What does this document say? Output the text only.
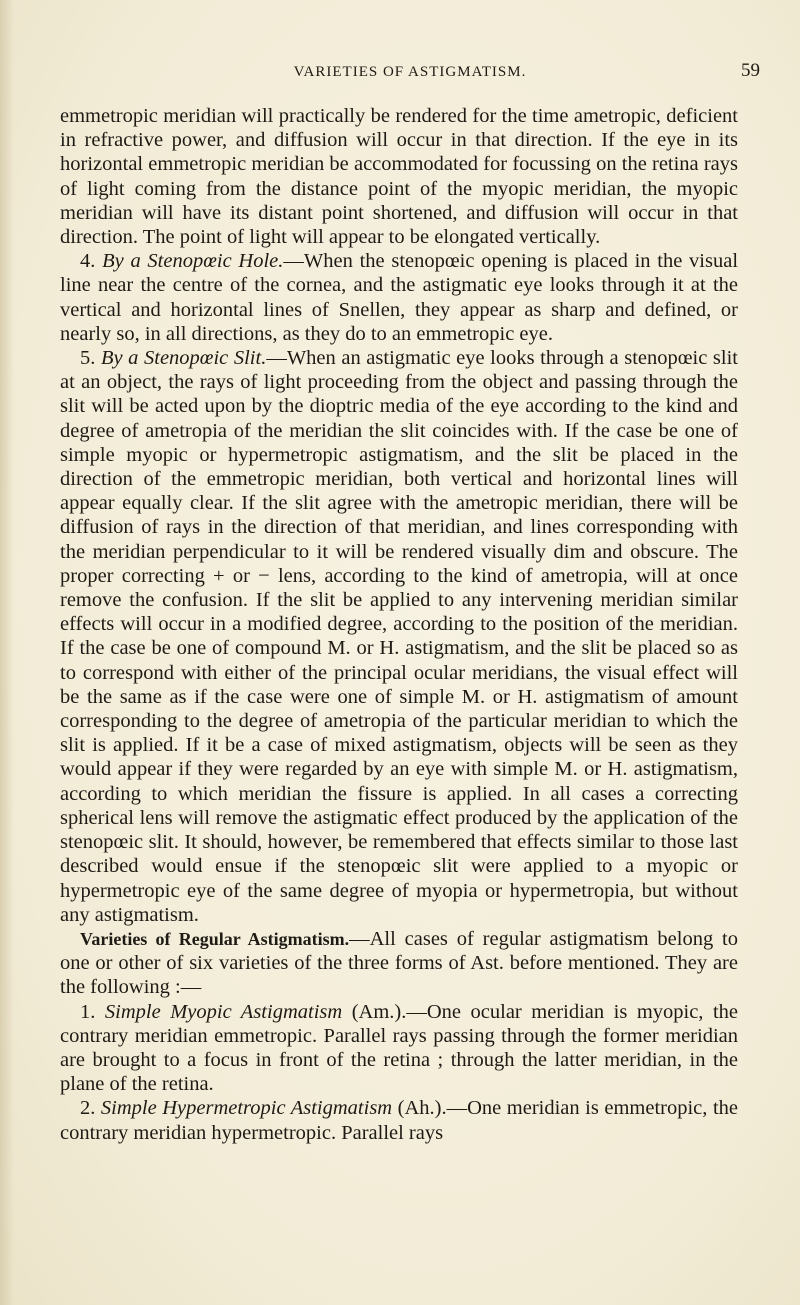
VARIETIES OF ASTIGMATISM.	59

emmetropic meridian will practically be rendered for the time ametropic, deficient in refractive power, and diffusion will occur in that direction. If the eye in its horizontal emmetropic meridian be accommodated for focussing on the retina rays of light coming from the distance point of the myopic meridian, the myopic meridian will have its distant point shortened, and diffusion will occur in that direction. The point of light will appear to be elongated vertically.

4. By a Stenopœic Hole.—When the stenopœic opening is placed in the visual line near the centre of the cornea, and the astigmatic eye looks through it at the vertical and horizontal lines of Snellen, they appear as sharp and defined, or nearly so, in all directions, as they do to an emmetropic eye.

5. By a Stenopœic Slit.—When an astigmatic eye looks through a stenopœic slit at an object, the rays of light proceeding from the object and passing through the slit will be acted upon by the dioptric media of the eye according to the kind and degree of ametropia of the meridian the slit coincides with. If the case be one of simple myopic or hypermetropic astigmatism, and the slit be placed in the direction of the emmetropic meridian, both vertical and horizontal lines will appear equally clear. If the slit agree with the ametropic meridian, there will be diffusion of rays in the direction of that meridian, and lines corresponding with the meridian perpendicular to it will be rendered visually dim and obscure. The proper correcting + or − lens, according to the kind of ametropia, will at once remove the confusion. If the slit be applied to any intervening meridian similar effects will occur in a modified degree, according to the position of the meridian. If the case be one of compound M. or H. astigmatism, and the slit be placed so as to correspond with either of the principal ocular meridians, the visual effect will be the same as if the case were one of simple M. or H. astigmatism of amount corresponding to the degree of ametropia of the particular meridian to which the slit is applied. If it be a case of mixed astigmatism, objects will be seen as they would appear if they were regarded by an eye with simple M. or H. astigmatism, according to which meridian the fissure is applied. In all cases a correcting spherical lens will remove the astigmatic effect produced by the application of the stenopœic slit. It should, however, be remembered that effects similar to those last described would ensue if the stenopœic slit were applied to a myopic or hypermetropic eye of the same degree of myopia or hypermetropia, but without any astigmatism.

Varieties of Regular Astigmatism.—All cases of regular astigmatism belong to one or other of six varieties of the three forms of Ast. before mentioned. They are the following :—

1. Simple Myopic Astigmatism (Am.).—One ocular meridian is myopic, the contrary meridian emmetropic. Parallel rays passing through the former meridian are brought to a focus in front of the retina ; through the latter meridian, in the plane of the retina.

2. Simple Hypermetropic Astigmatism (Ah.).—One meridian is emmetropic, the contrary meridian hypermetropic. Parallel rays
